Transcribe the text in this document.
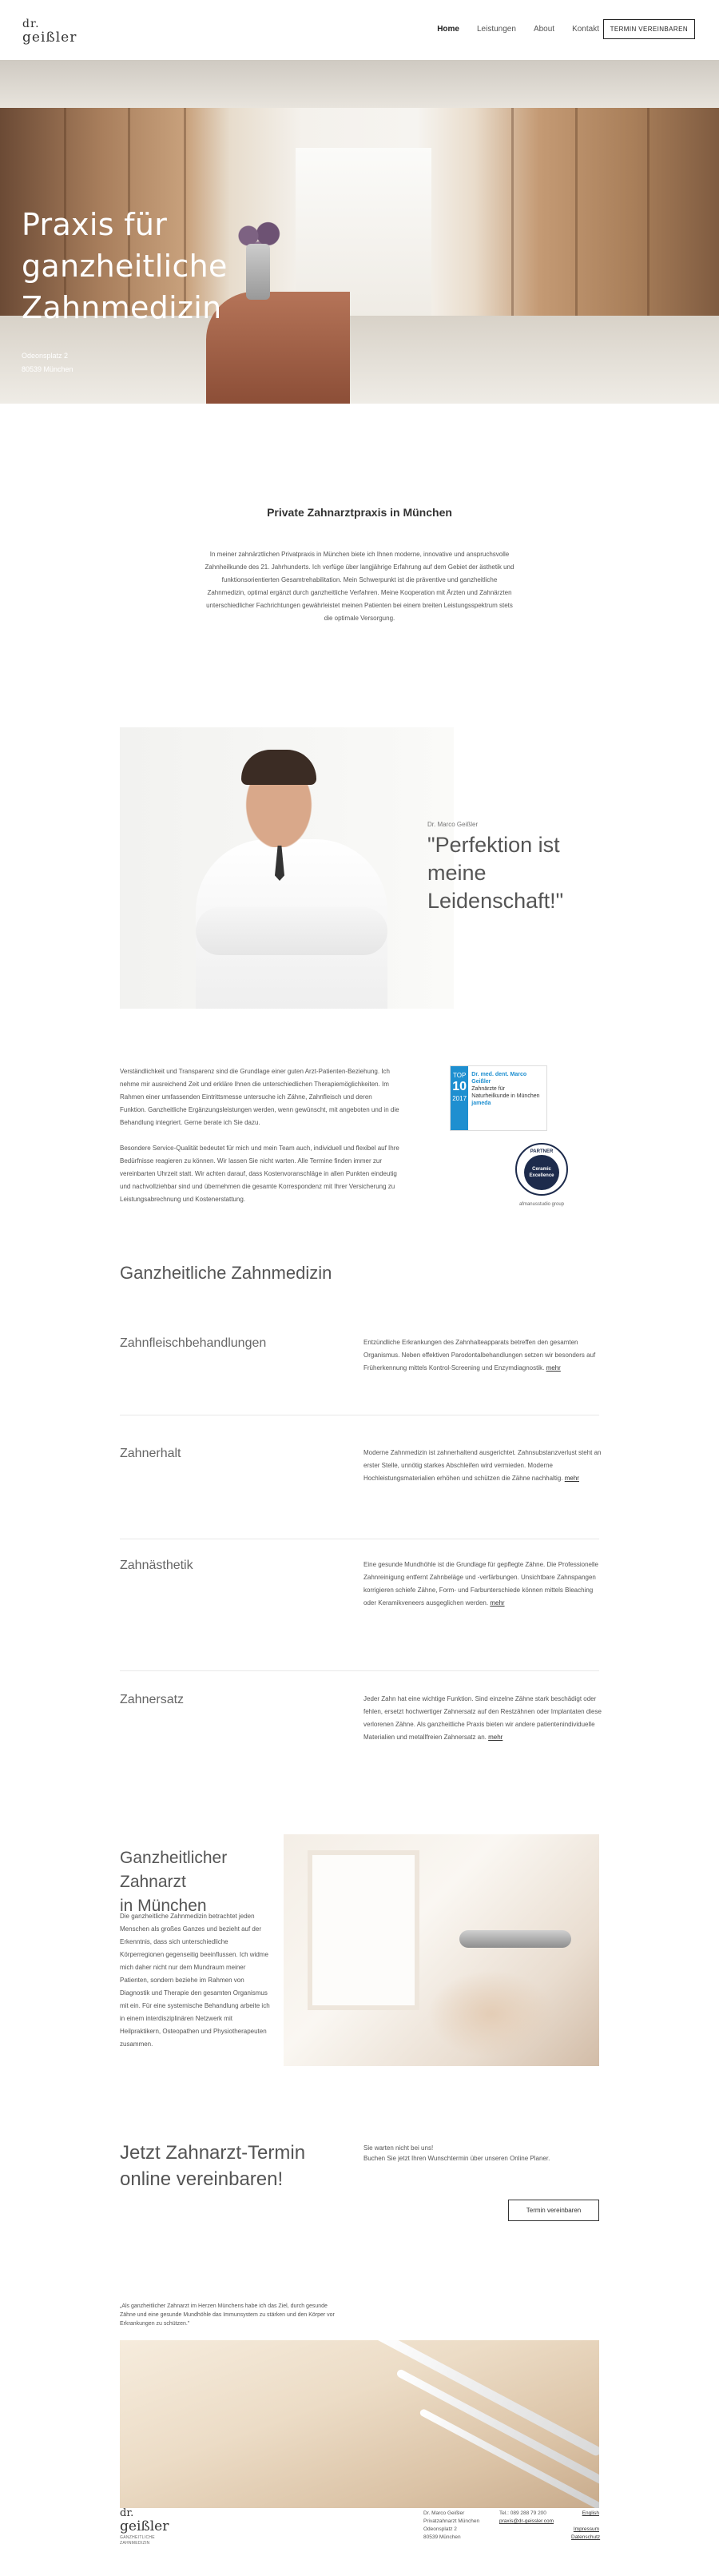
dr.
geißler
Home Leistungen About Kontakt	TERMIN VEREINBAREN
Praxis für
ganzheitliche
Zahnmedizin
Odeonsplatz 2
80539 München
Private Zahnarztpraxis in München

In meiner zahnärztlichen Privatpraxis in München biete ich Ihnen moderne, innovative und anspruchsvolle Zahnheilkunde des 21. Jahrhunderts. Ich verfüge über langjährige Erfahrung auf dem Gebiet der ästhetik und funktionsorientierten Gesamtrehabilitation. Mein Schwerpunkt ist die präventive und ganzheitliche Zahnmedizin, optimal ergänzt durch ganzheitliche Verfahren. Meine Kooperation mit Ärzten und Zahnärzten unterschiedlicher Fachrichtungen gewährleistet meinen Patienten bei einem breiten Leistungsspektrum stets die optimale Versorgung.

Dr. Marco Geißler
"Perfektion ist meine Leidenschaft!"

Verständlichkeit und Transparenz sind die Grundlage einer guten Arzt-Patienten-Beziehung. Ich nehme mir ausreichend Zeit und erkläre Ihnen die unterschiedlichen Therapiemöglichkeiten. Im Rahmen einer umfassenden Eintrittsmesse untersuche ich Zähne, Zahnfleisch und deren Funktion. Ganzheitliche Ergänzungsleistungen werden, wenn gewünscht, mit angeboten und in die Behandlung integriert. Gerne berate ich Sie dazu.

Besondere Service-Qualität bedeutet für mich und mein Team auch, individuell und flexibel auf Ihre Bedürfnisse reagieren zu können. Wir lassen Sie nicht warten. Alle Termine finden immer zur vereinbarten Uhrzeit statt. Wir achten darauf, dass Kostenvoranschläge in allen Punkten eindeutig und nachvollziehbar sind und übernehmen die gesamte Korrespondenz mit Ihrer Versicherung zu Leistungsabrechnung und Kostenerstattung.

TOP
10
2017
Dr. med. dent. Marco Geißler
Zahnärzte für Naturheilkunde in München
jameda
PARTNER
Ceramic Excellence
afmanusstudio group
Ganzheitliche Zahnmedizin
Zahnfleischbehandlungen	Entzündliche Erkrankungen des Zahnhalteapparats betreffen den gesamten Organismus. Neben effektiven Parodontalbehandlungen setzen wir besonders auf Früherkennung mittels Kontrol-Screening und Enzymdiagnostik. mehr
Zahnerhalt	Moderne Zahnmedizin ist zahnerhaltend ausgerichtet. Zahnsubstanzverlust steht an erster Stelle, unnötig starkes Abschleifen wird vermieden. Moderne Hochleistungsmaterialien erhöhen und schützen die Zähne nachhaltig. mehr
Zahnästhetik	Eine gesunde Mundhöhle ist die Grundlage für gepflegte Zähne. Die Professionelle Zahnreinigung entfernt Zahnbeläge und -verfärbungen. Unsichtbare Zahnspangen korrigieren schiefe Zähne, Form- und Farbunterschiede können mittels Bleaching oder Keramikveneers ausgeglichen werden. mehr
Zahnersatz	Jeder Zahn hat eine wichtige Funktion. Sind einzelne Zähne stark beschädigt oder fehlen, ersetzt hochwertiger Zahnersatz auf den Restzähnen oder Implantaten diese verlorenen Zähne. Als ganzheitliche Praxis bieten wir andere patientenindividuelle Materialien und metallfreien Zahnersatz an. mehr
Ganzheitlicher Zahnarzt
in München

Die ganzheitliche Zahnmedizin betrachtet jeden Menschen als großes Ganzes und bezieht auf der Erkenntnis, dass sich unterschiedliche Körperregionen gegenseitig beeinflussen. Ich widme mich daher nicht nur dem Mundraum meiner Patienten, sondern beziehe im Rahmen von Diagnostik und Therapie den gesamten Organismus mit ein. Für eine systemische Behandlung arbeite ich in einem interdisziplinären Netzwerk mit Heilpraktikern, Osteopathen und Physiotherapeuten zusammen.

Jetzt Zahnarzt-Termin
online vereinbaren!
Sie warten nicht bei uns!
Buchen Sie jetzt Ihren Wunschtermin über unseren Online Planer.
Termin vereinbaren

„Als ganzheitlicher Zahnarzt im Herzen Münchens habe ich das Ziel, durch gesunde Zähne und eine gesunde Mundhöhle das Immunsystem zu stärken und den Körper vor Erkrankungen zu schützen."

dr.
geißler
GANZHEITLICHE ZAHNMEDIZIN
Dr. Marco Geißler
Privatzahnarzt München
Odeonsplatz 2
80539 München
Tel.: 089 288 79 200
praxis@dr-geissler.com
English
Impressum
Datenschutz
